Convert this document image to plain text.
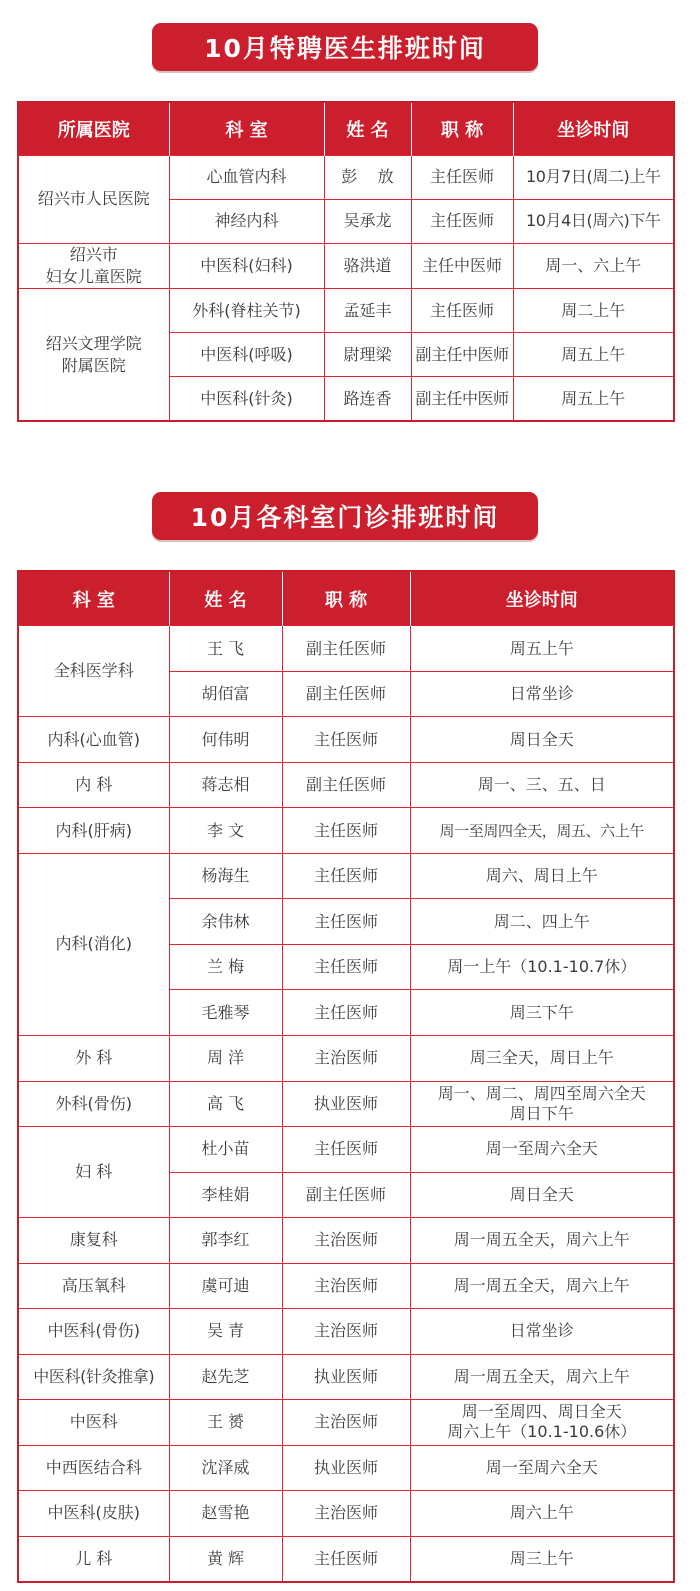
10月特聘医生排班时间
所属医院	科 室	姓 名	职 称	坐诊时间
绍兴市人民医院	心血管内科	彭    放	主任医师	10月7日(周二)上午
	神经内科	吴承龙	主任医师	10月4日(周六)下午
绍兴市
妇女儿童医院	中医科(妇科)	骆洪道	主任中医师	周一、六上午
绍兴文理学院
附属医院	外科(脊柱关节)	孟延丰	主任医师	周二上午
	中医科(呼吸)	尉理梁	副主任中医师	周五上午
	中医科(针灸)	路连香	副主任中医师	周五上午
10月各科室门诊排班时间
科 室	姓 名	职 称	坐诊时间
全科医学科	王 飞	副主任医师	周五上午
	胡佰富	副主任医师	日常坐诊
内科(心血管)	何伟明	主任医师	周日全天
内 科	蒋志相	副主任医师	周一、三、五、日
内科(肝病)	李 文	主任医师	周一至周四全天，周五、六上午
内科(消化)	杨海生	主任医师	周六、周日上午
	余伟林	主任医师	周二、四上午
	兰 梅	主任医师	周一上午（10.1-10.7休）
	毛雅琴	主任医师	周三下午
外 科	周 洋	主治医师	周三全天，周日上午
外科(骨伤)	高 飞	执业医师	周一、周二、周四至周六全天
周日下午
妇 科	杜小苗	主任医师	周一至周六全天
	李桂娟	副主任医师	周日全天
康复科	郭李红	主治医师	周一周五全天，周六上午
高压氧科	虞可迪	主治医师	周一周五全天，周六上午
中医科(骨伤)	吴 青	主治医师	日常坐诊
中医科(针灸推拿)	赵先芝	执业医师	周一周五全天，周六上午
中医科	王 赟	主治医师	周一至周四、周日全天
周六上午（10.1-10.6休）
中西医结合科	沈泽威	执业医师	周一至周六全天
中医科(皮肤)	赵雪艳	主治医师	周六上午
儿 科	黄 辉	主任医师	周三上午
